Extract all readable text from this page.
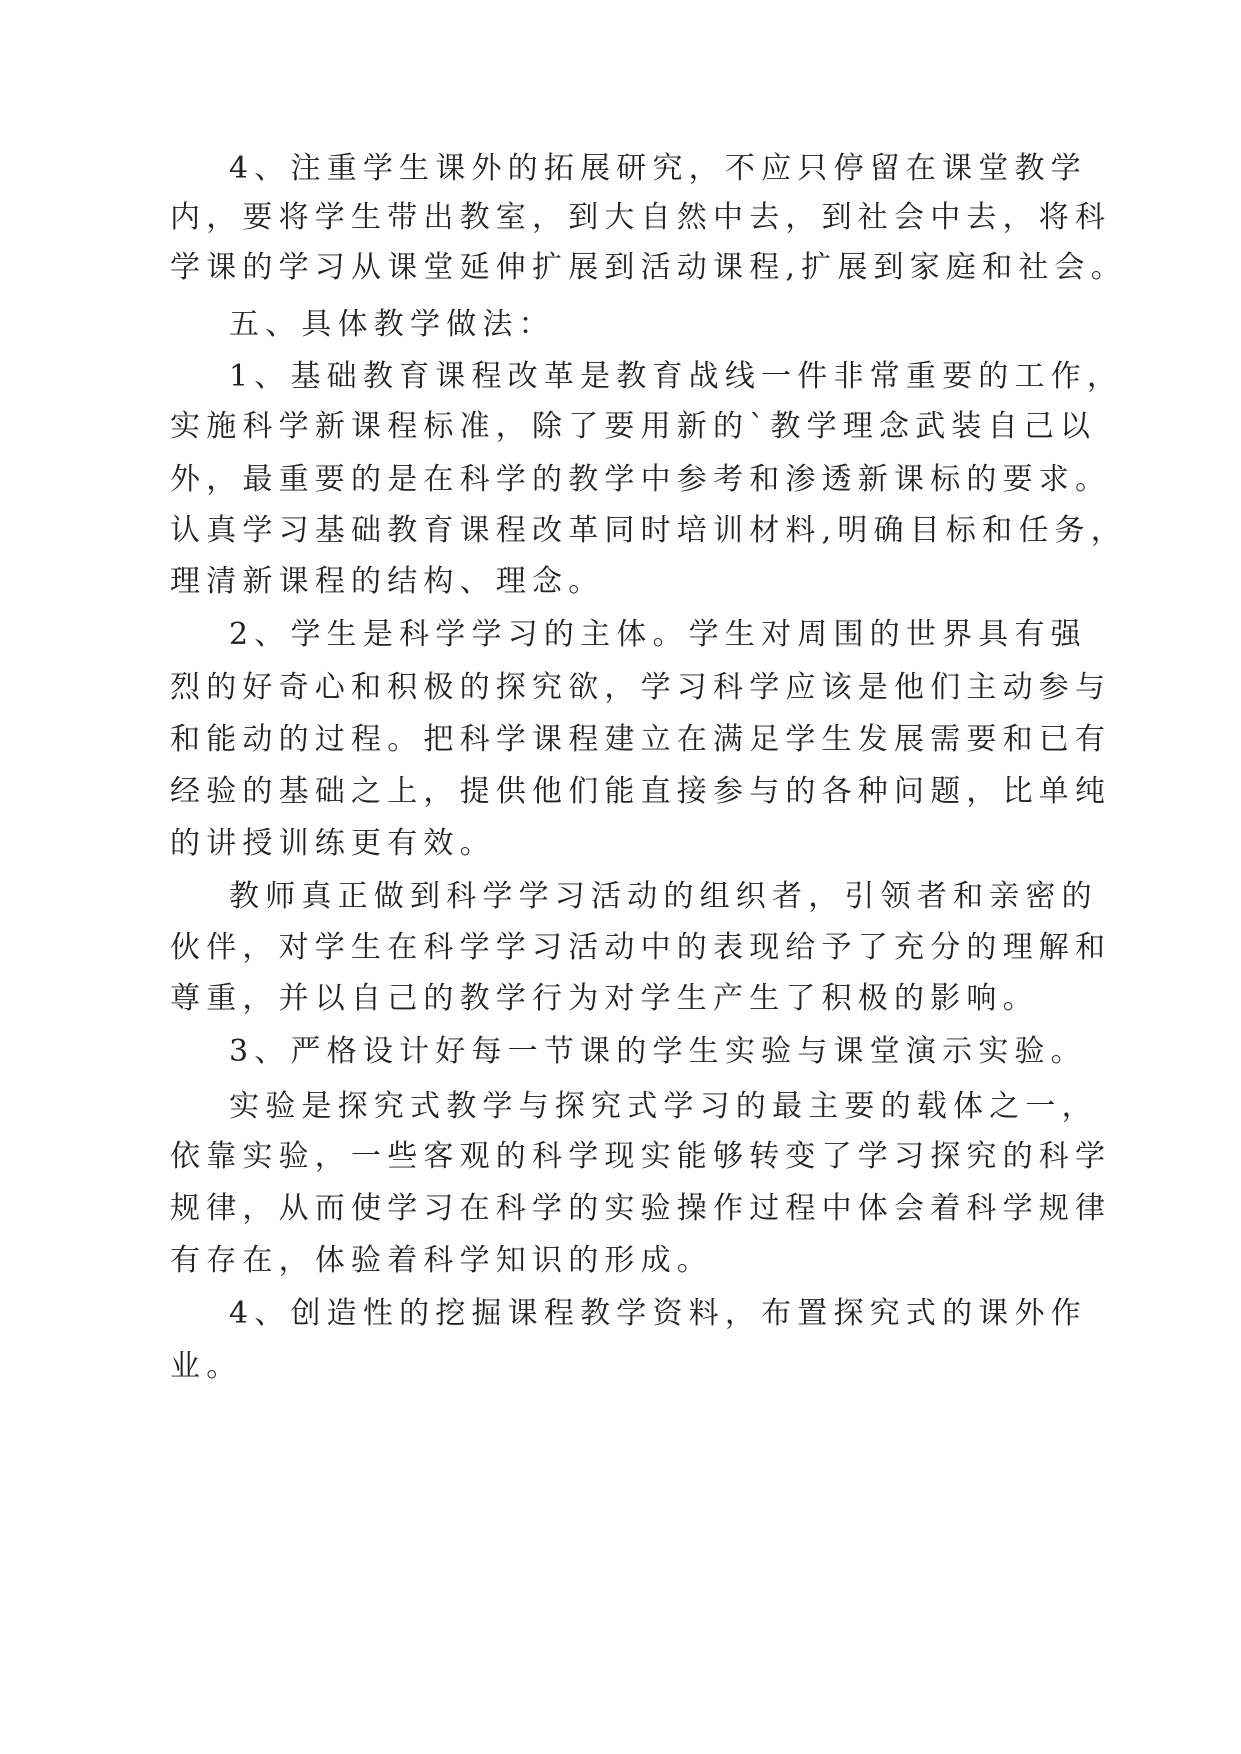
4、注重学生课外的拓展研究，不应只停留在课堂教学
内，要将学生带出教室，到大自然中去，到社会中去，将科
学课的学习从课堂延伸扩展到活动课程,扩展到家庭和社会。
五、具体教学做法：
1、基础教育课程改革是教育战线一件非常重要的工作，
实施科学新课程标准，除了要用新的`教学理念武装自己以
外，最重要的是在科学的教学中参考和渗透新课标的要求。
认真学习基础教育课程改革同时培训材料,明确目标和任务，
理清新课程的结构、理念。
2、学生是科学学习的主体。学生对周围的世界具有强
烈的好奇心和积极的探究欲，学习科学应该是他们主动参与
和能动的过程。把科学课程建立在满足学生发展需要和已有
经验的基础之上，提供他们能直接参与的各种问题，比单纯
的讲授训练更有效。
教师真正做到科学学习活动的组织者，引领者和亲密的
伙伴，对学生在科学学习活动中的表现给予了充分的理解和
尊重，并以自己的教学行为对学生产生了积极的影响。
3、严格设计好每一节课的学生实验与课堂演示实验。
实验是探究式教学与探究式学习的最主要的载体之一，
依靠实验，一些客观的科学现实能够转变了学习探究的科学
规律，从而使学习在科学的实验操作过程中体会着科学规律
有存在，体验着科学知识的形成。
4、创造性的挖掘课程教学资料，布置探究式的课外作
业。
